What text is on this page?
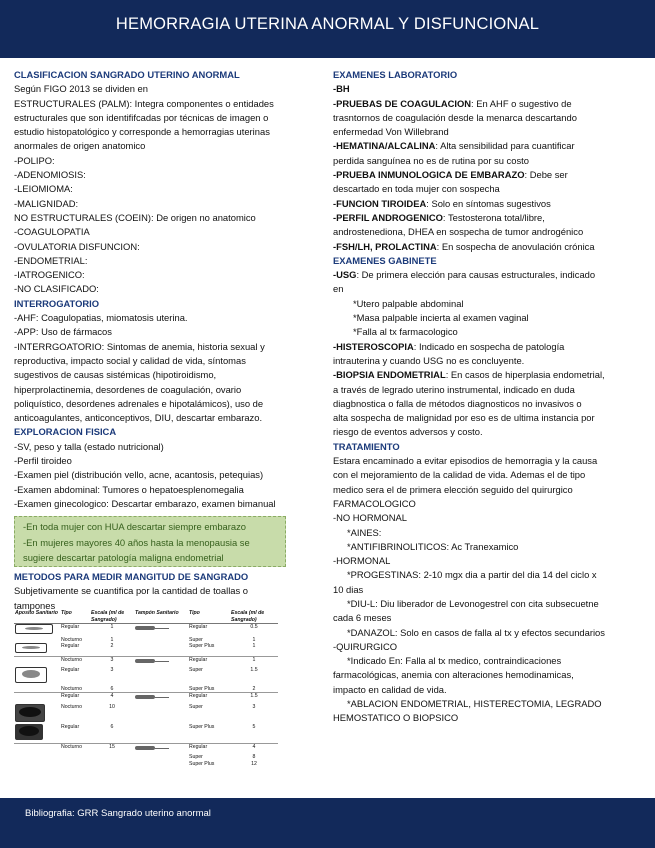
HEMORRAGIA UTERINA ANORMAL Y DISFUNCIONAL

CLASIFICACION SANGRADO UTERINO ANORMAL

Según FIGO 2013 se dividen en

ESTRUCTURALES (PALM): Integra componentes o entidades

estructurales que son identififcadas por técnicas de imagen o

estudio histopatológico y corresponde a hemorragias uterinas

anormales de origen anatomico

-POLIPO:

-ADENOMIOSIS:

-LEIOMIOMA:

-MALIGNIDAD:

NO ESTRUCTURALES (COEIN): De origen no anatomico

-COAGULOPATIA

-OVULATORIA DISFUNCION:

-ENDOMETRIAL:

-IATROGENICO:

-NO CLASIFICADO:

INTERROGATORIO

-AHF: Coagulopatias, miomatosis uterina.

-APP: Uso de fármacos

-INTERRGOATORIO: Sintomas de anemia, historia sexual y

reproductiva, impacto social y calidad de vida, síntomas

sugestivos de causas sistémicas (hipotiroidismo,

hiperprolactinemia, desordenes de coagulación, ovario

poliquístico, desordenes adrenales e hipotalámicos), uso de

anticoagulantes, anticonceptivos, DIU, descartar embarazo.

EXPLORACION FISICA

-SV, peso y talla (estado nutricional)

-Perfil tiroideo

-Examen piel (distribución vello, acne, acantosis, petequias)

-Examen abdominal: Tumores o hepatoesplenomegalia

-Examen ginecologico: Descartar embarazo, examen bimanual

-En toda mujer con HUA descartar siempre embarazo

-En mujeres mayores 40 años hasta la menopausia se

sugiere descartar patología maligna endometrial

METODOS PARA MEDIR MANGITUD DE SANGRADO

Subjetivamente se cuantifica por la cantidad de toallas o

tampones

Aposito Sanitario	Tipo	Escala (ml de Sangrado)	Tampón Sanitario	Tipo	Escala (ml de Sangrado)

	Regular	1		Regular	0.5
	Nocturno	1		Super	1

	Regular	2		Super Plus	1
	Nocturno	3		Regular	1

	Regular	3		Super	1.5
	Nocturno	6		Super Plus	2
	Regular	4		Regular	1.5

	Nocturno	10		Super	3

	Regular	6		Super Plus	5
	Nocturno	15		Regular	4
				Super	8
				Super Plus	12

EXAMENES LABORATORIO

-BH

-PRUEBAS DE COAGULACION: En AHF o sugestivo de

trasntornos de coagulación desde la menarca descartando

enfermedad Von Willebrand

-HEMATINA/ALCALINA: Alta sensibilidad para cuantificar

perdida sanguínea no es de rutina por su costo

-PRUEBA INMUNOLOGICA DE EMBARAZO: Debe ser

descartado en toda mujer con sospecha

-FUNCION TIROIDEA: Solo en síntomas sugestivos

-PERFIL ANDROGENICO: Testosterona total/libre,

androstenediona, DHEA en sospecha de tumor androgénico

-FSH/LH, PROLACTINA: En sospecha de anovulación crónica

EXAMENES GABINETE

-USG: De primera elección para causas estructurales, indicado

en

*Utero palpable abdominal

*Masa palpable incierta al examen vaginal

*Falla al tx farmacologico

-HISTEROSCOPIA: Indicado en sospecha de patología

intrauterina y cuando USG no es concluyente.

-BIOPSIA ENDOMETRIAL: En casos de hiperplasia endometrial,

a través de legrado uterino instrumental, indicado en duda

diagbnostica o falla de métodos diagnosticos no invasivos o

alta sospecha de malignidad por eso es de ultima instancia por

riesgo de eventos adversos y costo.

TRATAMIENTO

Estara encaminado a evitar episodios de hemorragia y la causa

con el mejoramiento de la calidad de vida. Ademas el de tipo

medico sera el de primera elección seguido del quirurgico

FARMACOLOGICO

-NO HORMONAL

*AINES:

*ANTIFIBRINOLITICOS: Ac Tranexamico

-HORMONAL

*PROGESTINAS: 2-10 mgx dia a partir del dia 14 del ciclo x

10 dias

*DIU-L: Diu liberador de Levonogestrel con cita subsecuetne

cada 6 meses

*DANAZOL: Solo en casos de falla al tx y efectos secundarios

-QUIRURGICO

*Indicado En: Falla al tx medico, contraindicaciones

farmacológicas, anemia con alteraciones hemodinamicas,

impacto en calidad de vida.

*ABLACION ENDOMETRIAL, HISTERECTOMIA, LEGRADO

HEMOSTATICO O BIOPSICO

Bibliografia: GRR Sangrado uterino anormal
